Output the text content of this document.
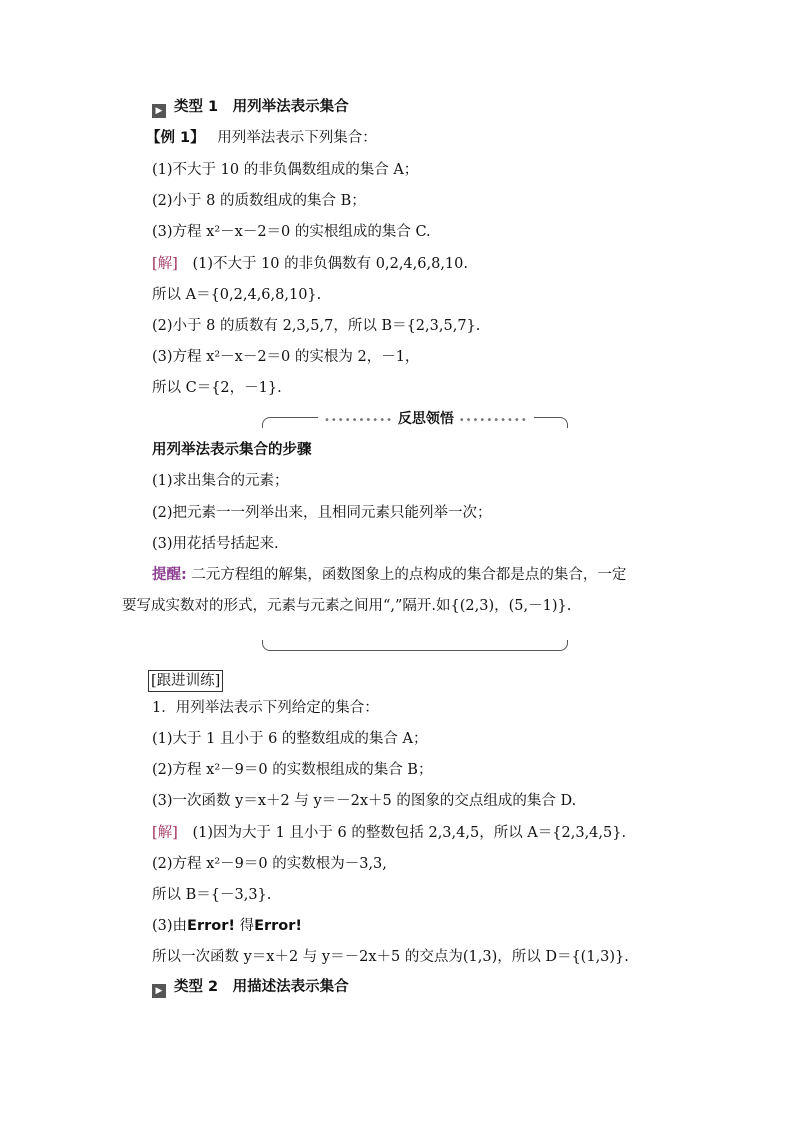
▶ 类型 1　用列举法表示集合
【例 1】 用列举法表示下列集合：
(1)不大于 10 的非负偶数组成的集合 A；
(2)小于 8 的质数组成的集合 B；
(3)方程 x²－x－2＝0 的实根组成的集合 C.
[解] (1)不大于 10 的非负偶数有 0,2,4,6,8,10.
所以 A＝{0,2,4,6,8,10}.
(2)小于 8 的质数有 2,3,5,7，所以 B＝{2,3,5,7}.
(3)方程 x²－x－2＝0 的实根为 2，－1，
所以 C＝{2，－1}.
•••••••••• 反思领悟 ••••••••••
用列举法表示集合的步骤
(1)求出集合的元素；
(2)把元素一一列举出来，且相同元素只能列举一次；
(3)用花括号括起来.
提醒: 二元方程组的解集，函数图象上的点构成的集合都是点的集合，一定
要写成实数对的形式，元素与元素之间用“,”隔开.如{(2,3)，(5,－1)}.
[跟进训练]
1．用列举法表示下列给定的集合：
(1)大于 1 且小于 6 的整数组成的集合 A；
(2)方程 x²－9＝0 的实数根组成的集合 B；
(3)一次函数 y＝x＋2 与 y＝－2x＋5 的图象的交点组成的集合 D.
[解] (1)因为大于 1 且小于 6 的整数包括 2,3,4,5，所以 A＝{2,3,4,5}.
(2)方程 x²－9＝0 的实数根为－3,3,
所以 B＝{－3,3}.
(3)由Error! 得Error!
所以一次函数 y＝x＋2 与 y＝－2x＋5 的交点为(1,3)，所以 D＝{(1,3)}.
▶ 类型 2　用描述法表示集合
